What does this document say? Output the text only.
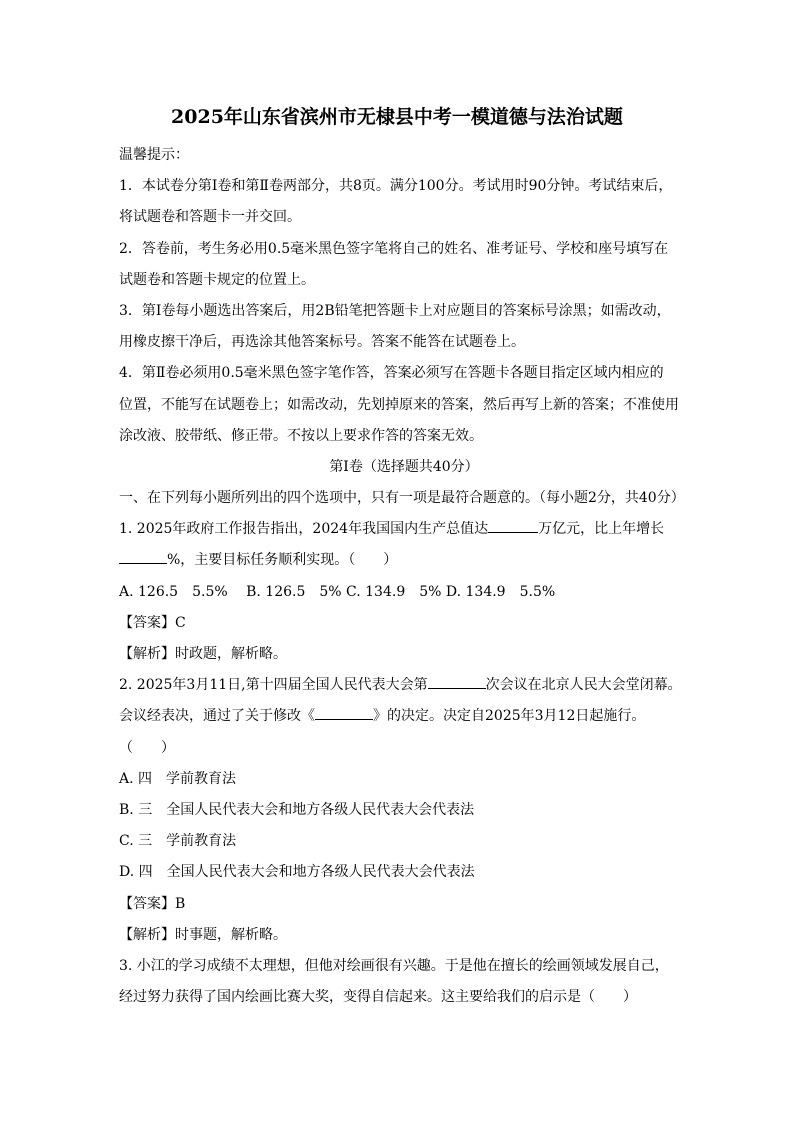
2025年山东省滨州市无棣县中考一模道德与法治试题
温馨提示：
1．本试卷分第Ⅰ卷和第Ⅱ卷两部分，共8页。满分100分。考试用时90分钟。考试结束后，
将试题卷和答题卡一并交回。
2．答卷前，考生务必用0.5毫米黑色签字笔将自己的姓名、准考证号、学校和座号填写在
试题卷和答题卡规定的位置上。
3．第Ⅰ卷每小题选出答案后，用2B铅笔把答题卡上对应题目的答案标号涂黑；如需改动，
用橡皮擦干净后，再选涂其他答案标号。答案不能答在试题卷上。
4．第Ⅱ卷必须用0.5毫米黑色签字笔作答，答案必须写在答题卡各题目指定区域内相应的
位置，不能写在试题卷上；如需改动，先划掉原来的答案，然后再写上新的答案；不准使用
涂改液、胶带纸、修正带。不按以上要求作答的答案无效。
第Ⅰ卷（选择题共40分）
一、在下列每小题所列出的四个选项中，只有一项是最符合题意的。（每小题2分，共40分）
1. 2025年政府工作报告指出，2024年我国国内生产总值达	万亿元，比上年增长
%，主要目标任务顺利实现。（　　）
A. 126.5　5.5%　 B. 126.5　5% C. 134.9　5% D. 134.9　5.5%
【答案】C
【解析】时政题，解析略。
2. 2025年3月11日,第十四届全国人民代表大会第	次会议在北京人民大会堂闭幕。
会议经表决，通过了关于修改《	》的决定。决定自2025年3月12日起施行。
（　　）
A. 四　学前教育法
B. 三　全国人民代表大会和地方各级人民代表大会代表法
C. 三　学前教育法
D. 四　全国人民代表大会和地方各级人民代表大会代表法
【答案】B
【解析】时事题，解析略。
3. 小江的学习成绩不太理想，但他对绘画很有兴趣。于是他在擅长的绘画领域发展自己，
经过努力获得了国内绘画比赛大奖，变得自信起来。这主要给我们的启示是（　　）
